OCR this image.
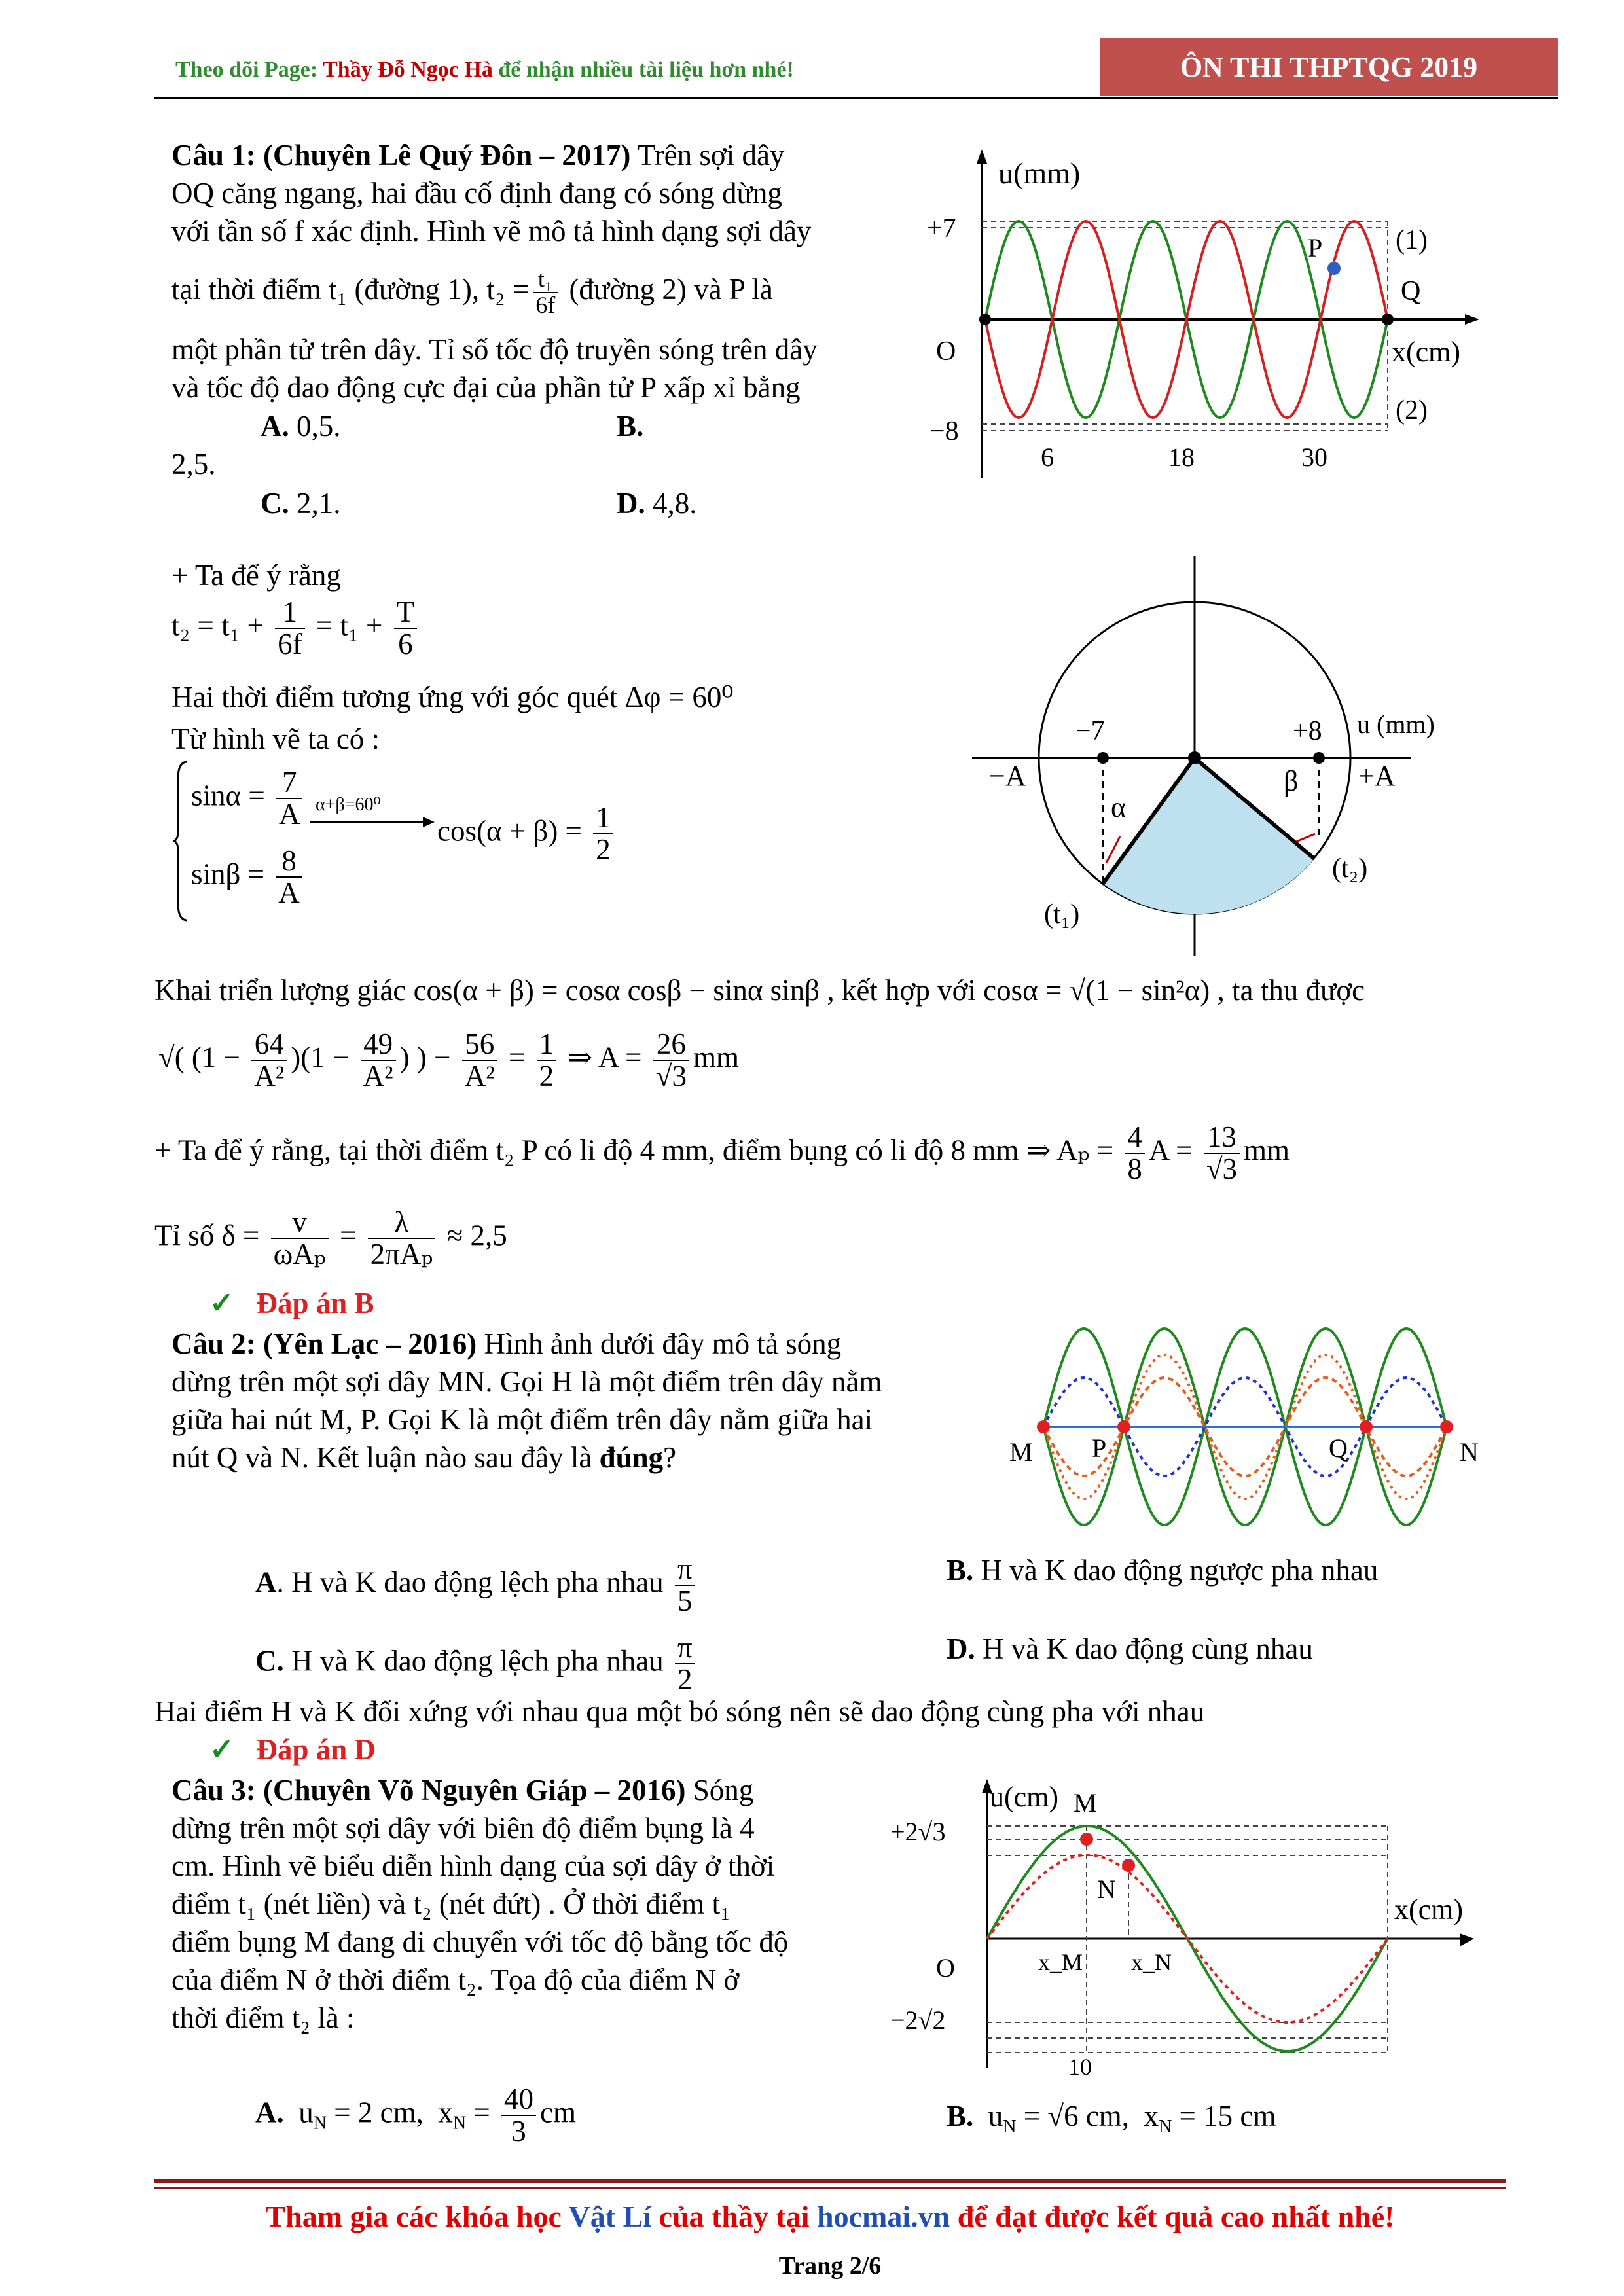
Theo dõi Page: Thầy Đỗ Ngọc Hà để nhận nhiều tài liệu hơn nhé!	ÔN THI THPTQG 2019
Câu 1: (Chuyên Lê Quý Đôn – 2017) Trên sợi dây
OQ căng ngang, hai đầu cố định đang có sóng dừng
với tần số f xác định. Hình vẽ mô tả hình dạng sợi dây
tại thời điểm t₁ (đường 1), $t_2 = \frac{\text{t₁}}{6f}$ (đường 2) và P là
một phần tử trên dây. Tỉ số tốc độ truyền sóng trên dây
và tốc độ dao động cực đại của phần tử P xấp xỉ bằng
A. 0,5.	B.
2,5.
C. 2,1.	D. 4,8.
u(mm)
+7
−8
O	x(cm)
(1)
(2)
P
Q
6	18	30
+ Ta để ý rằng
$t_2 = t_1 + \frac{1}{6f} = t_1 + \frac{T}{6}$
Hai thời điểm tương ứng với góc quét Δφ = 60⁰
Từ hình vẽ ta có :
$\sin\alpha = \frac{7}{A}$
$\sin\beta = \frac{8}{A}$
α+β=60⁰
$\cos(\alpha + \beta) = \frac{1}{2}$
−7	+8 u (mm)
−A	+A
α
β
(t₁)
(t₂)
Khai triển lượng giác cos(α + β) = cosα cosβ − sinα sinβ , kết hợp với cosα = √(1 − sin²α) , ta thu được
√( $(1 - \frac{64}{\text{A²}} )(1 - \frac{49}{\text{A²}}$ ) ) − $\frac{56}{\text{A²}} = \frac{1}{2}$ ⇒ $A = \frac{26}{√3}$ mm
+ Ta để ý rằng, tại thời điểm t₂ P có li độ 4 mm, điểm bụng có li độ 8 mm ⇒ $A_p = \frac{4}{8}$ $A = \frac{13}{√3}$ mm
Tỉ số $\delta = \frac{v}{\text{ωAₚ}} = \frac{\lambda}{\text{2πAₚ}} \approx 2,5$
✓ Đáp án B
Câu 2: (Yên Lạc – 2016) Hình ảnh dưới đây mô tả sóng
dừng trên một sợi dây MN. Gọi H là một điểm trên dây nằm
giữa hai nút M, P. Gọi K là một điểm trên dây nằm giữa hai
nút Q và N. Kết luận nào sau đây là đúng?	M P	Q	N
A. H và K dao động lệch pha nhau $\frac{\pi}{5}$	B. H và K dao động ngược pha nhau
C. H và K dao động lệch pha nhau $\frac{\pi}{2}$	D. H và K dao động cùng nhau
Hai điểm H và K đối xứng với nhau qua một bó sóng nên sẽ dao động cùng pha với nhau
✓ Đáp án D
Câu 3: (Chuyên Võ Nguyên Giáp – 2016) Sóng
dừng trên một sợi dây với biên độ điểm bụng là 4
cm. Hình vẽ biểu diễn hình dạng của sợi dây ở thời
điểm t₁ (nét liền) và t₂ (nét đứt) . Ở thời điểm t₁
điểm bụng M đang di chuyển với tốc độ bằng tốc độ
của điểm N ở thời điểm t₂. Tọa độ của điểm N ở
thời điểm t₂ là :
u(cm)
+2√3
−2√2
O
x(cm)
M
N
x_M x_N
10
A.  $u_N = 2$ cm,  $x_N = \frac{40}{3}$ cm	B.  $u_N = √6$ cm,  $x_N = 15$ cm
Tham gia các khóa học Vật Lí của thầy tại hocmai.vn để đạt được kết quả cao nhất nhé!
Trang 2/6
